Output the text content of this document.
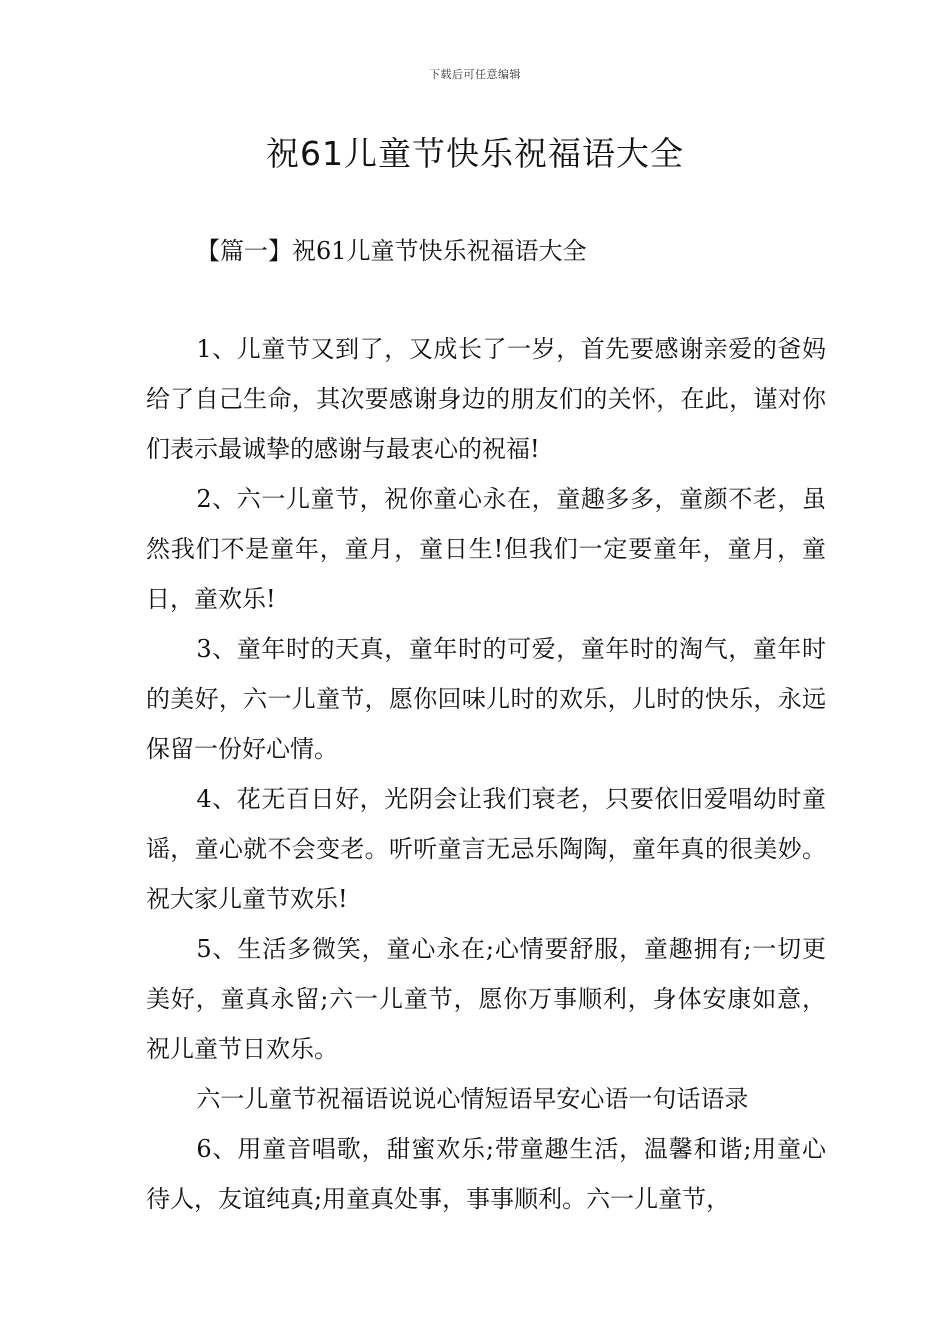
下载后可任意编辑
祝61儿童节快乐祝福语大全
【篇一】祝61儿童节快乐祝福语大全

1、儿童节又到了，又成长了一岁，首先要感谢亲爱的爸妈给了自己生命，其次要感谢身边的朋友们的关怀，在此，谨对你们表示最诚挚的感谢与最衷心的祝福!

2、六一儿童节，祝你童心永在，童趣多多，童颜不老，虽然我们不是童年，童月，童日生!但我们一定要童年，童月，童日，童欢乐!

3、童年时的天真，童年时的可爱，童年时的淘气，童年时的美好，六一儿童节，愿你回味儿时的欢乐，儿时的快乐，永远保留一份好心情。

4、花无百日好，光阴会让我们衰老，只要依旧爱唱幼时童谣，童心就不会变老。听听童言无忌乐陶陶，童年真的很美妙。祝大家儿童节欢乐!

5、生活多微笑，童心永在;心情要舒服，童趣拥有;一切更美好，童真永留;六一儿童节，愿你万事顺利，身体安康如意，祝儿童节日欢乐。

六一儿童节祝福语说说心情短语早安心语一句话语录

6、用童音唱歌，甜蜜欢乐;带童趣生活，温馨和谐;用童心待人，友谊纯真;用童真处事，事事顺利。六一儿童节，
